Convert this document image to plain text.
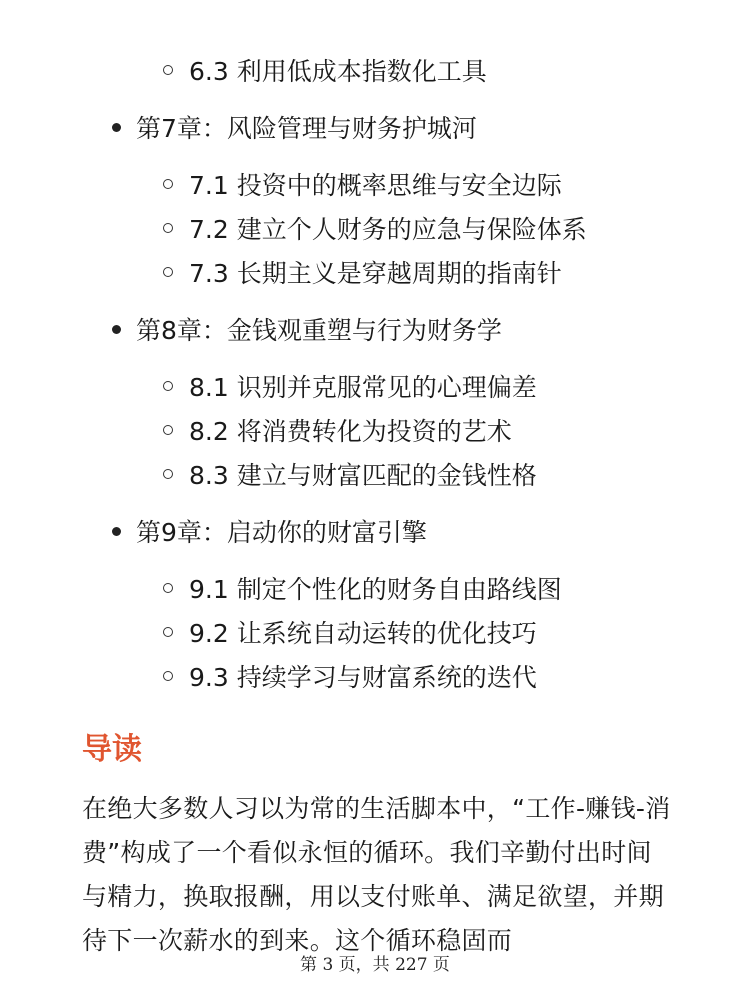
6.3 利用低成本指数化工具
第7章：风险管理与财务护城河
7.1 投资中的概率思维与安全边际
7.2 建立个人财务的应急与保险体系
7.3 长期主义是穿越周期的指南针
第8章：金钱观重塑与行为财务学
8.1 识别并克服常见的心理偏差
8.2 将消费转化为投资的艺术
8.3 建立与财富匹配的金钱性格
第9章：启动你的财富引擎
9.1 制定个性化的财务自由路线图
9.2 让系统自动运转的优化技巧
9.3 持续学习与财富系统的迭代
导读
在绝大多数人习以为常的生活脚本中，“工作-赚钱-消费”构成了一个看似永恒的循环。我们辛勤付出时间与精力，换取报酬，用以支付账单、满足欲望，并期待下一次薪水的到来。这个循环稳固而
第 3 页，共 227 页
